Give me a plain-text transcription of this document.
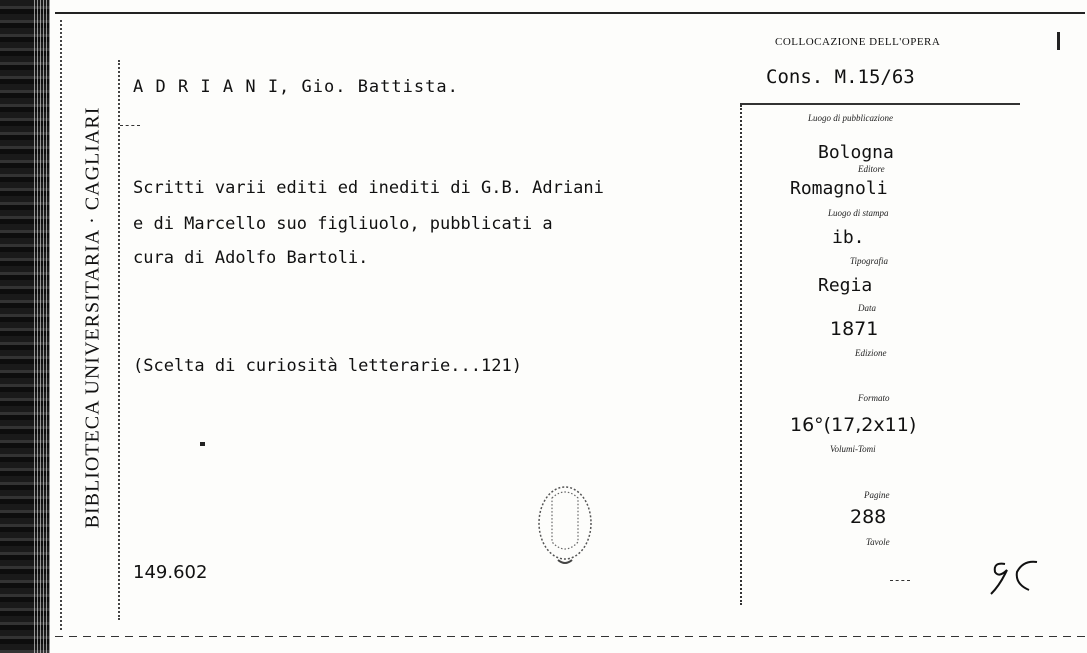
BIBLIOTECA UNIVERSITARIA · CAGLIARI
COLLOCAZIONE DELL'OPERA
Cons. M.15/63
A D R I A N I, Gio. Battista.
Scritti varii editi ed inediti di G.B. Adriani
e di Marcello suo figliuolo, pubblicati a
cura di Adolfo Bartoli.
(Scelta di curiosità letterarie...121)
149.602
Luogo di pubblicazione
Bologna
Editore
Romagnoli
Luogo di stampa
ib.
Tipografia
Regia
Data
1871
Edizione
Formato
16°(17,2x11)
Volumi-Tomi
Pagine
288
Tavole
